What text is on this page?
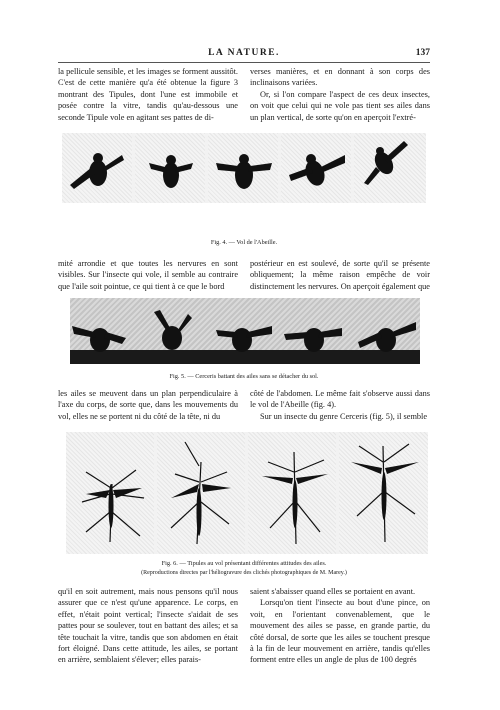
LA NATURE.	137

la pellicule sensible, et les images se forment aussitôt. C'est de cette manière qu'a été obtenue la figure 3 montrant des Tipules, dont l'une est immobile et posée contre la vitre, tandis qu'au-dessous une seconde Tipule vole en agitant ses pattes de di-

verses manières, et en donnant à son corps des inclinaisons variées.

Or, si l'on compare l'aspect de ces deux insectes, on voit que celui qui ne vole pas tient ses ailes dans un plan vertical, de sorte qu'on en aperçoit l'extré-

Fig. 4. — Vol de l'Abeille.

mité arrondie et que toutes les nervures en sont visibles. Sur l'insecte qui vole, il semble au contraire que l'aile soit pointue, ce qui tient à ce que le bord

postérieur en est soulevé, de sorte qu'il se présente obliquement; la même raison empêche de voir distinctement les nervures. On aperçoit également que

Fig. 5. — Cerceris battant des ailes sans se détacher du sol.

les ailes se meuvent dans un plan perpendiculaire à l'axe du corps, de sorte que, dans les mouvements du vol, elles ne se portent ni du côté de la tête, ni du

côté de l'abdomen. Le même fait s'observe aussi dans le vol de l'Abeille (fig. 4).

Sur un insecte du genre Cerceris (fig. 5), il semble

Fig. 6. — Tipules au vol présentant différentes attitudes des ailes.
(Reproductions directes par l'héliogravure des clichés photographiques de M. Marey.)

qu'il en soit autrement, mais nous pensons qu'il nous assurer que ce n'est qu'une apparence. Le corps, en effet, n'était point vertical; l'insecte s'aidait de ses pattes pour se soulever, tout en battant des ailes; et sa tête touchait la vitre, tandis que son abdomen en était fort éloigné. Dans cette attitude, les ailes, se portant en arrière, semblaient s'élever; elles parais-

saient s'abaisser quand elles se portaient en avant.

Lorsqu'on tient l'insecte au bout d'une pince, on voit, en l'orientant convenablement, que le mouvement des ailes se passe, en grande partie, du côté dorsal, de sorte que les ailes se touchent presque à la fin de leur mouvement en arrière, tandis qu'elles forment entre elles un angle de plus de 100 degrés
